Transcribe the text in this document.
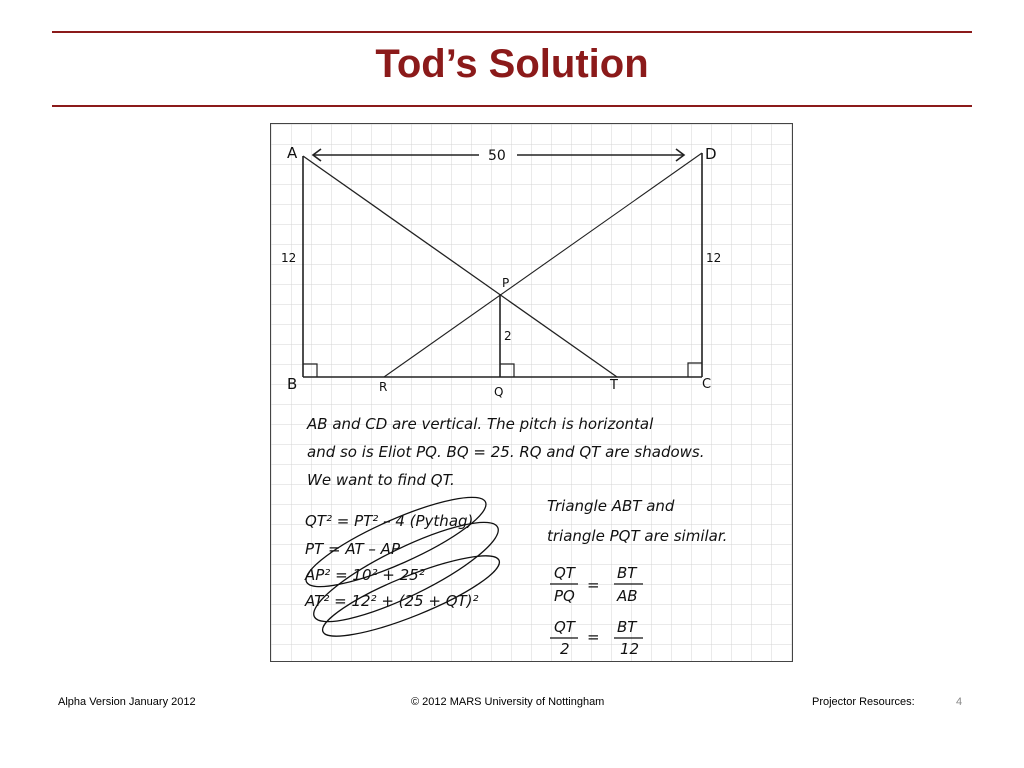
Tod’s Solution
A
B	C
D
P
Q
R	T
50
12	12
2
AB and CD are vertical. The pitch is horizontal
and so is Eliot PQ. BQ = 25. RQ and QT are shadows.
We want to find QT.
QT² = PT² – 4 (Pythag)
PT = AT – AP
AP² = 10² + 25²
AT² = 12² + (25 + QT)²
Triangle ABT and
triangle PQT are similar.
QT
PQ
=
BT
AB
QT
2
=
BT
12
Alpha Version January 2012	© 2012 MARS University of Nottingham	Projector Resources:	4
